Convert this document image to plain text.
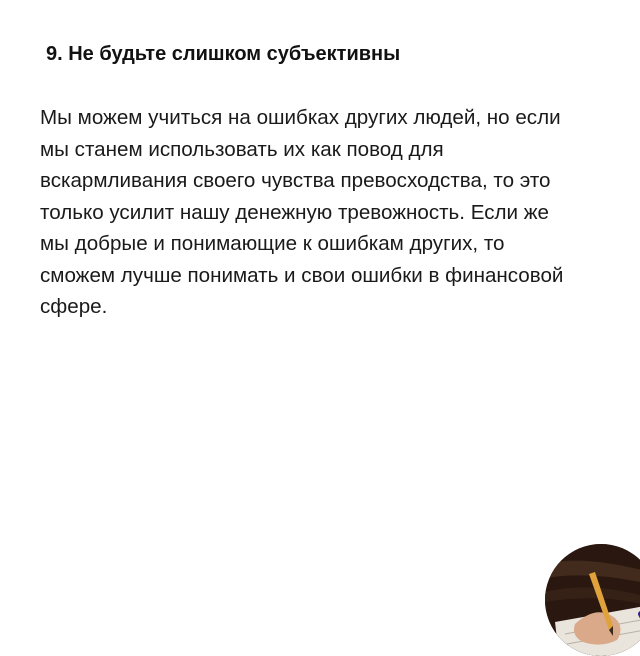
9. Не будьте слишком субъективны

Мы можем учиться на ошибках других людей, но если
мы станем использовать их как повод для
вскармливания своего чувства превосходства, то это
только усилит нашу денежную тревожность. Если же
мы добрые и понимающие к ошибкам других, то
сможем лучше понимать и свои ошибки в финансовой
сфере.
